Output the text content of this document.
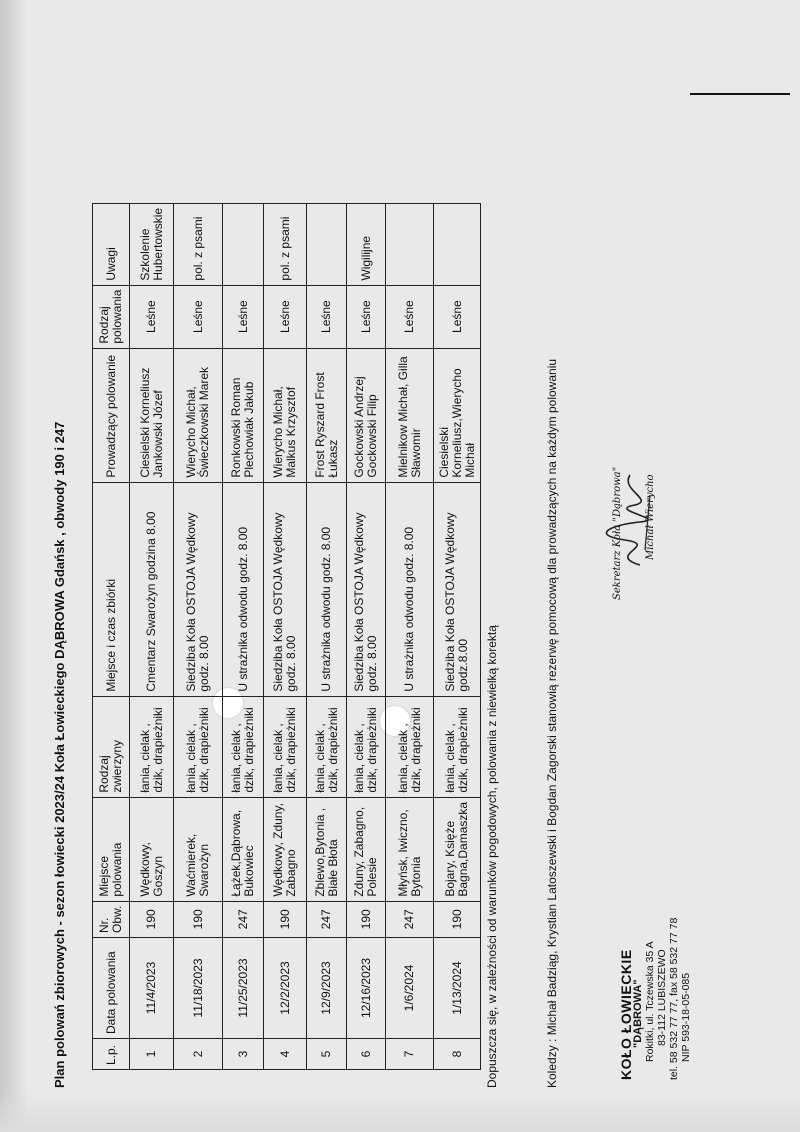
Plan polowań zbiorowych - sezon łowiecki 2023/24 Koła Łowieckiego DĄBROWA Gdańsk , obwody 190 i 247	L.p.	Data polowania	Nr. Obw.	Miejsce polowania	Rodzaj zwierzyny	Miejsce i czas zbiórki	Prowadzący polowanie	Rodzaj polowania	Uwagi
1	11/4/2023	190	Wędkowy, Goszyn	łania, cielak , dzik, drapieżniki	Cmentarz Swarożyn godzina 8.00	Ciesielski Korneliusz Jankowski Józef	Leśne	Szkolenie Hubertowskie
2	11/18/2023	190	Waćmierek, Swarożyn	łania, cielak , dzik, drapieżniki	Siedziba Koła OSTOJA Wędkowy godz. 8.00	Wierycho Michał, Świeczkowski Marek	Leśne	pol. z psami
3	11/25/2023	247	Łążek,Dąbrowa, Bukowiec	łania, cielak , dzik, drapieżniki	U strażnika odwodu godz. 8.00	Ronkowski Roman Plechowiak Jakub	Leśne	
4	12/2/2023	190	Wędkowy, Zduny, Zabagno	łania, cielak , dzik, drapieżniki	Siedziba Koła OSTOJA Wędkowy godz. 8.00	Wierycho Michał, Malkus Krzysztof	Leśne	pol. z psami
5	12/9/2023	247	Zblewo,Bytonia , Białe Błota	łania, cielak , dzik, drapieżniki	U strażnika odwodu godz. 8.00	Frost Ryszard Frost Łukasz	Leśne	
6	12/16/2023	190	Zduny, Zabagno, Polesie	łania, cielak , dzik, drapieżniki	Siedziba Koła OSTOJA Wędkowy godz. 8.00	Gockowski Andrzej Gockowski Filip	Leśne	Wigilijne
7	1/6/2024	247	Młyńsk, Iwiczno, Bytonia	łania, cielak , dzik, drapieżniki	U strażnika odwodu godz. 8.00	Mielnikow Michał, Gilla Sławomir	Leśne	
8	1/13/2024	190	Bojary, Księże Bagna,Damaszka	łania, cielak , dzik, drapieżniki	Siedziba Koła OSTOJA Wędkowy godz.8.00	Ciesielski Korneliusz,Wierycho Michał	Leśne	
Dopuszcza się, w zależności od warunków pogodowych, polowania z niewielką korektą	Koledzy : Michał Badziąg, Krystian Latoszewski i Bogdan Zagorski stanowią rezerwę pomocową dla prowadzących na każdym polowaniu	KOŁO ŁOWIECKIE
"DĄBROWA" Rokitki, ul. Tczewska 35 A 83-112 LUBISZEWO tel. 58 532 77 77, fax 58 532 77 78 NIP 593-18-05-085
Sekretarz Koła "Dąbrowa" Michał Wierycho
